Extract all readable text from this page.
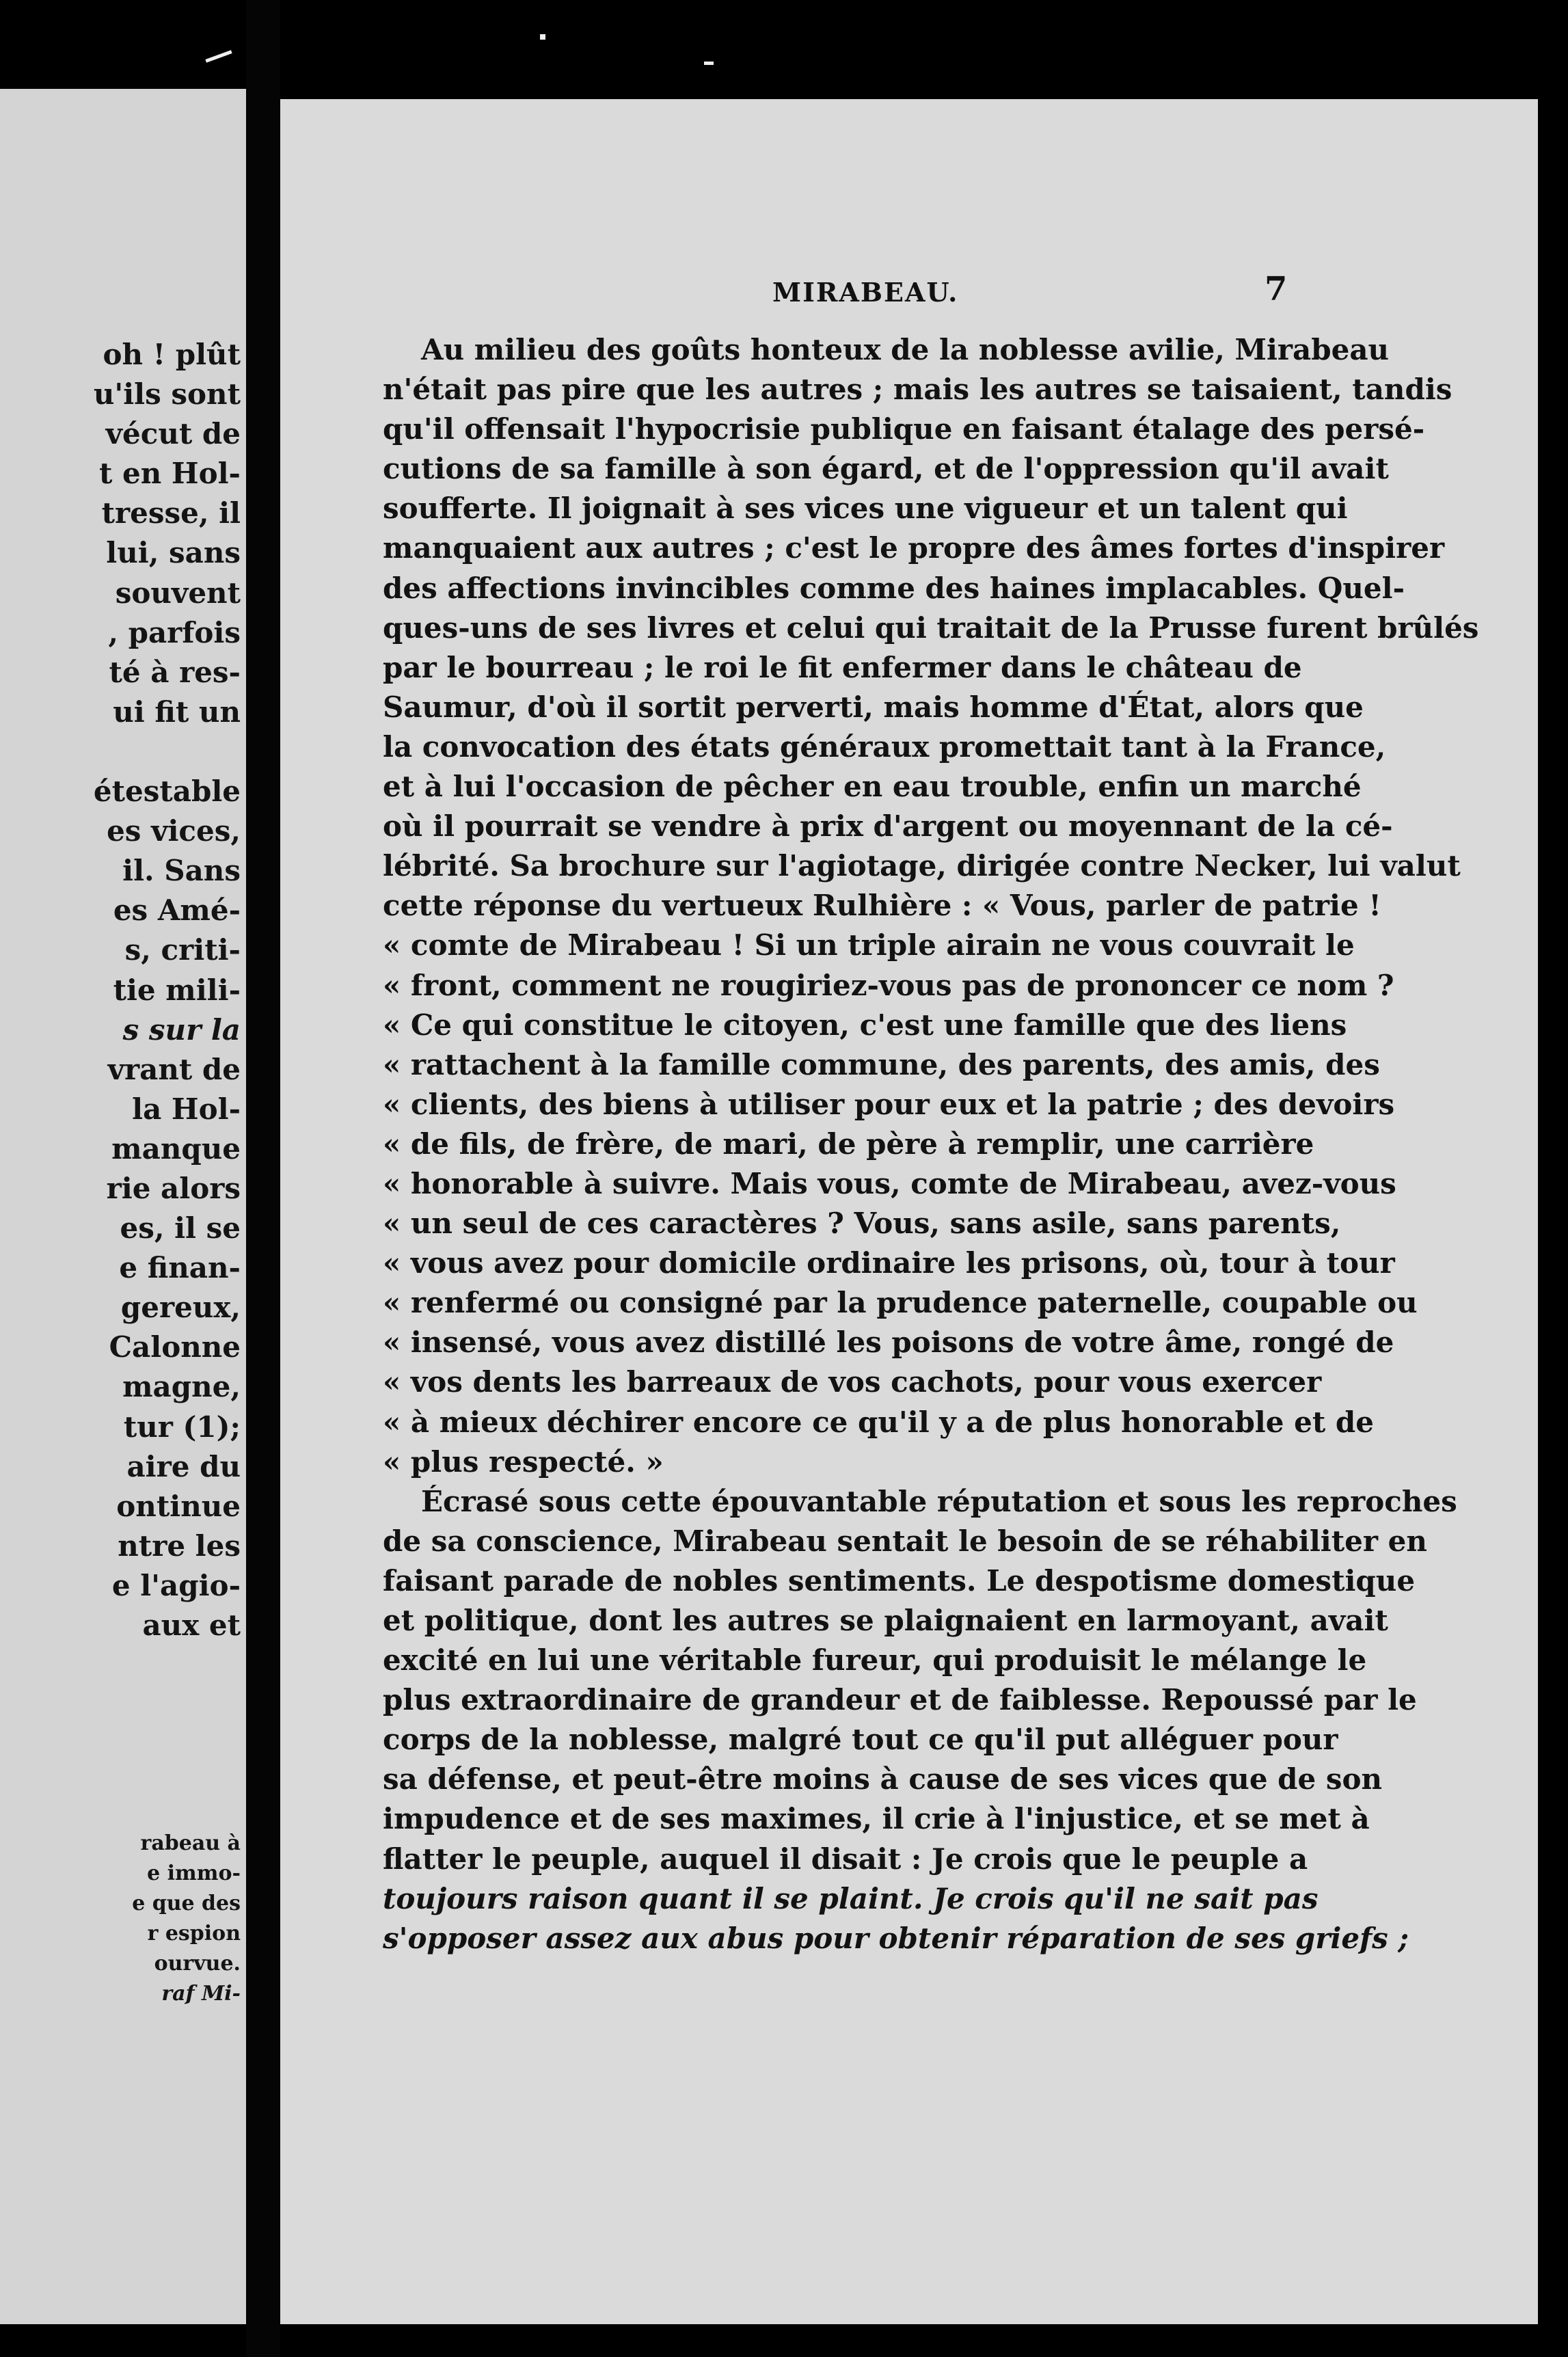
oh ! plût
u'ils sont
vécut de
t en Hol-
tresse, il
lui, sans
souvent
, parfois
té à res-
ui fit un
étestable
es vices,
il. Sans
es Amé-
s, criti-
tie mili-
s sur la
vrant de
la Hol-
manque
rie alors
es, il se
e finan-
gereux,
Calonne
magne,
tur (1);
aire du
ontinue
ntre les
e l'agio-
aux et
rabeau à
e immo-
e que des
r espion
ourvue.
raf Mi-
MIRABEAU.	7
Au milieu des goûts honteux de la noblesse avilie, Mirabeau
n'était pas pire que les autres ; mais les autres se taisaient, tandis
qu'il offensait l'hypocrisie publique en faisant étalage des persé-
cutions de sa famille à son égard, et de l'oppression qu'il avait
soufferte. Il joignait à ses vices une vigueur et un talent qui
manquaient aux autres ; c'est le propre des âmes fortes d'inspirer
des affections invincibles comme des haines implacables. Quel-
ques-uns de ses livres et celui qui traitait de la Prusse furent brûlés
par le bourreau ; le roi le fit enfermer dans le château de
Saumur, d'où il sortit perverti, mais homme d'État, alors que
la convocation des états généraux promettait tant à la France,
et à lui l'occasion de pêcher en eau trouble, enfin un marché
où il pourrait se vendre à prix d'argent ou moyennant de la cé-
lébrité. Sa brochure sur l'agiotage, dirigée contre Necker, lui valut
cette réponse du vertueux Rulhière : « Vous, parler de patrie !
« comte de Mirabeau ! Si un triple airain ne vous couvrait le
« front, comment ne rougiriez-vous pas de prononcer ce nom ?
« Ce qui constitue le citoyen, c'est une famille que des liens
« rattachent à la famille commune, des parents, des amis, des
« clients, des biens à utiliser pour eux et la patrie ; des devoirs
« de fils, de frère, de mari, de père à remplir, une carrière
« honorable à suivre. Mais vous, comte de Mirabeau, avez-vous
« un seul de ces caractères ? Vous, sans asile, sans parents,
« vous avez pour domicile ordinaire les prisons, où, tour à tour
« renfermé ou consigné par la prudence paternelle, coupable ou
« insensé, vous avez distillé les poisons de votre âme, rongé de
« vos dents les barreaux de vos cachots, pour vous exercer
« à mieux déchirer encore ce qu'il y a de plus honorable et de
« plus respecté. »
Écrasé sous cette épouvantable réputation et sous les reproches
de sa conscience, Mirabeau sentait le besoin de se réhabiliter en
faisant parade de nobles sentiments. Le despotisme domestique
et politique, dont les autres se plaignaient en larmoyant, avait
excité en lui une véritable fureur, qui produisit le mélange le
plus extraordinaire de grandeur et de faiblesse. Repoussé par le
corps de la noblesse, malgré tout ce qu'il put alléguer pour
sa défense, et peut-être moins à cause de ses vices que de son
impudence et de ses maximes, il crie à l'injustice, et se met à
flatter le peuple, auquel il disait : Je crois que le peuple a
toujours raison quant il se plaint. Je crois qu'il ne sait pas
s'opposer assez aux abus pour obtenir réparation de ses griefs ;
